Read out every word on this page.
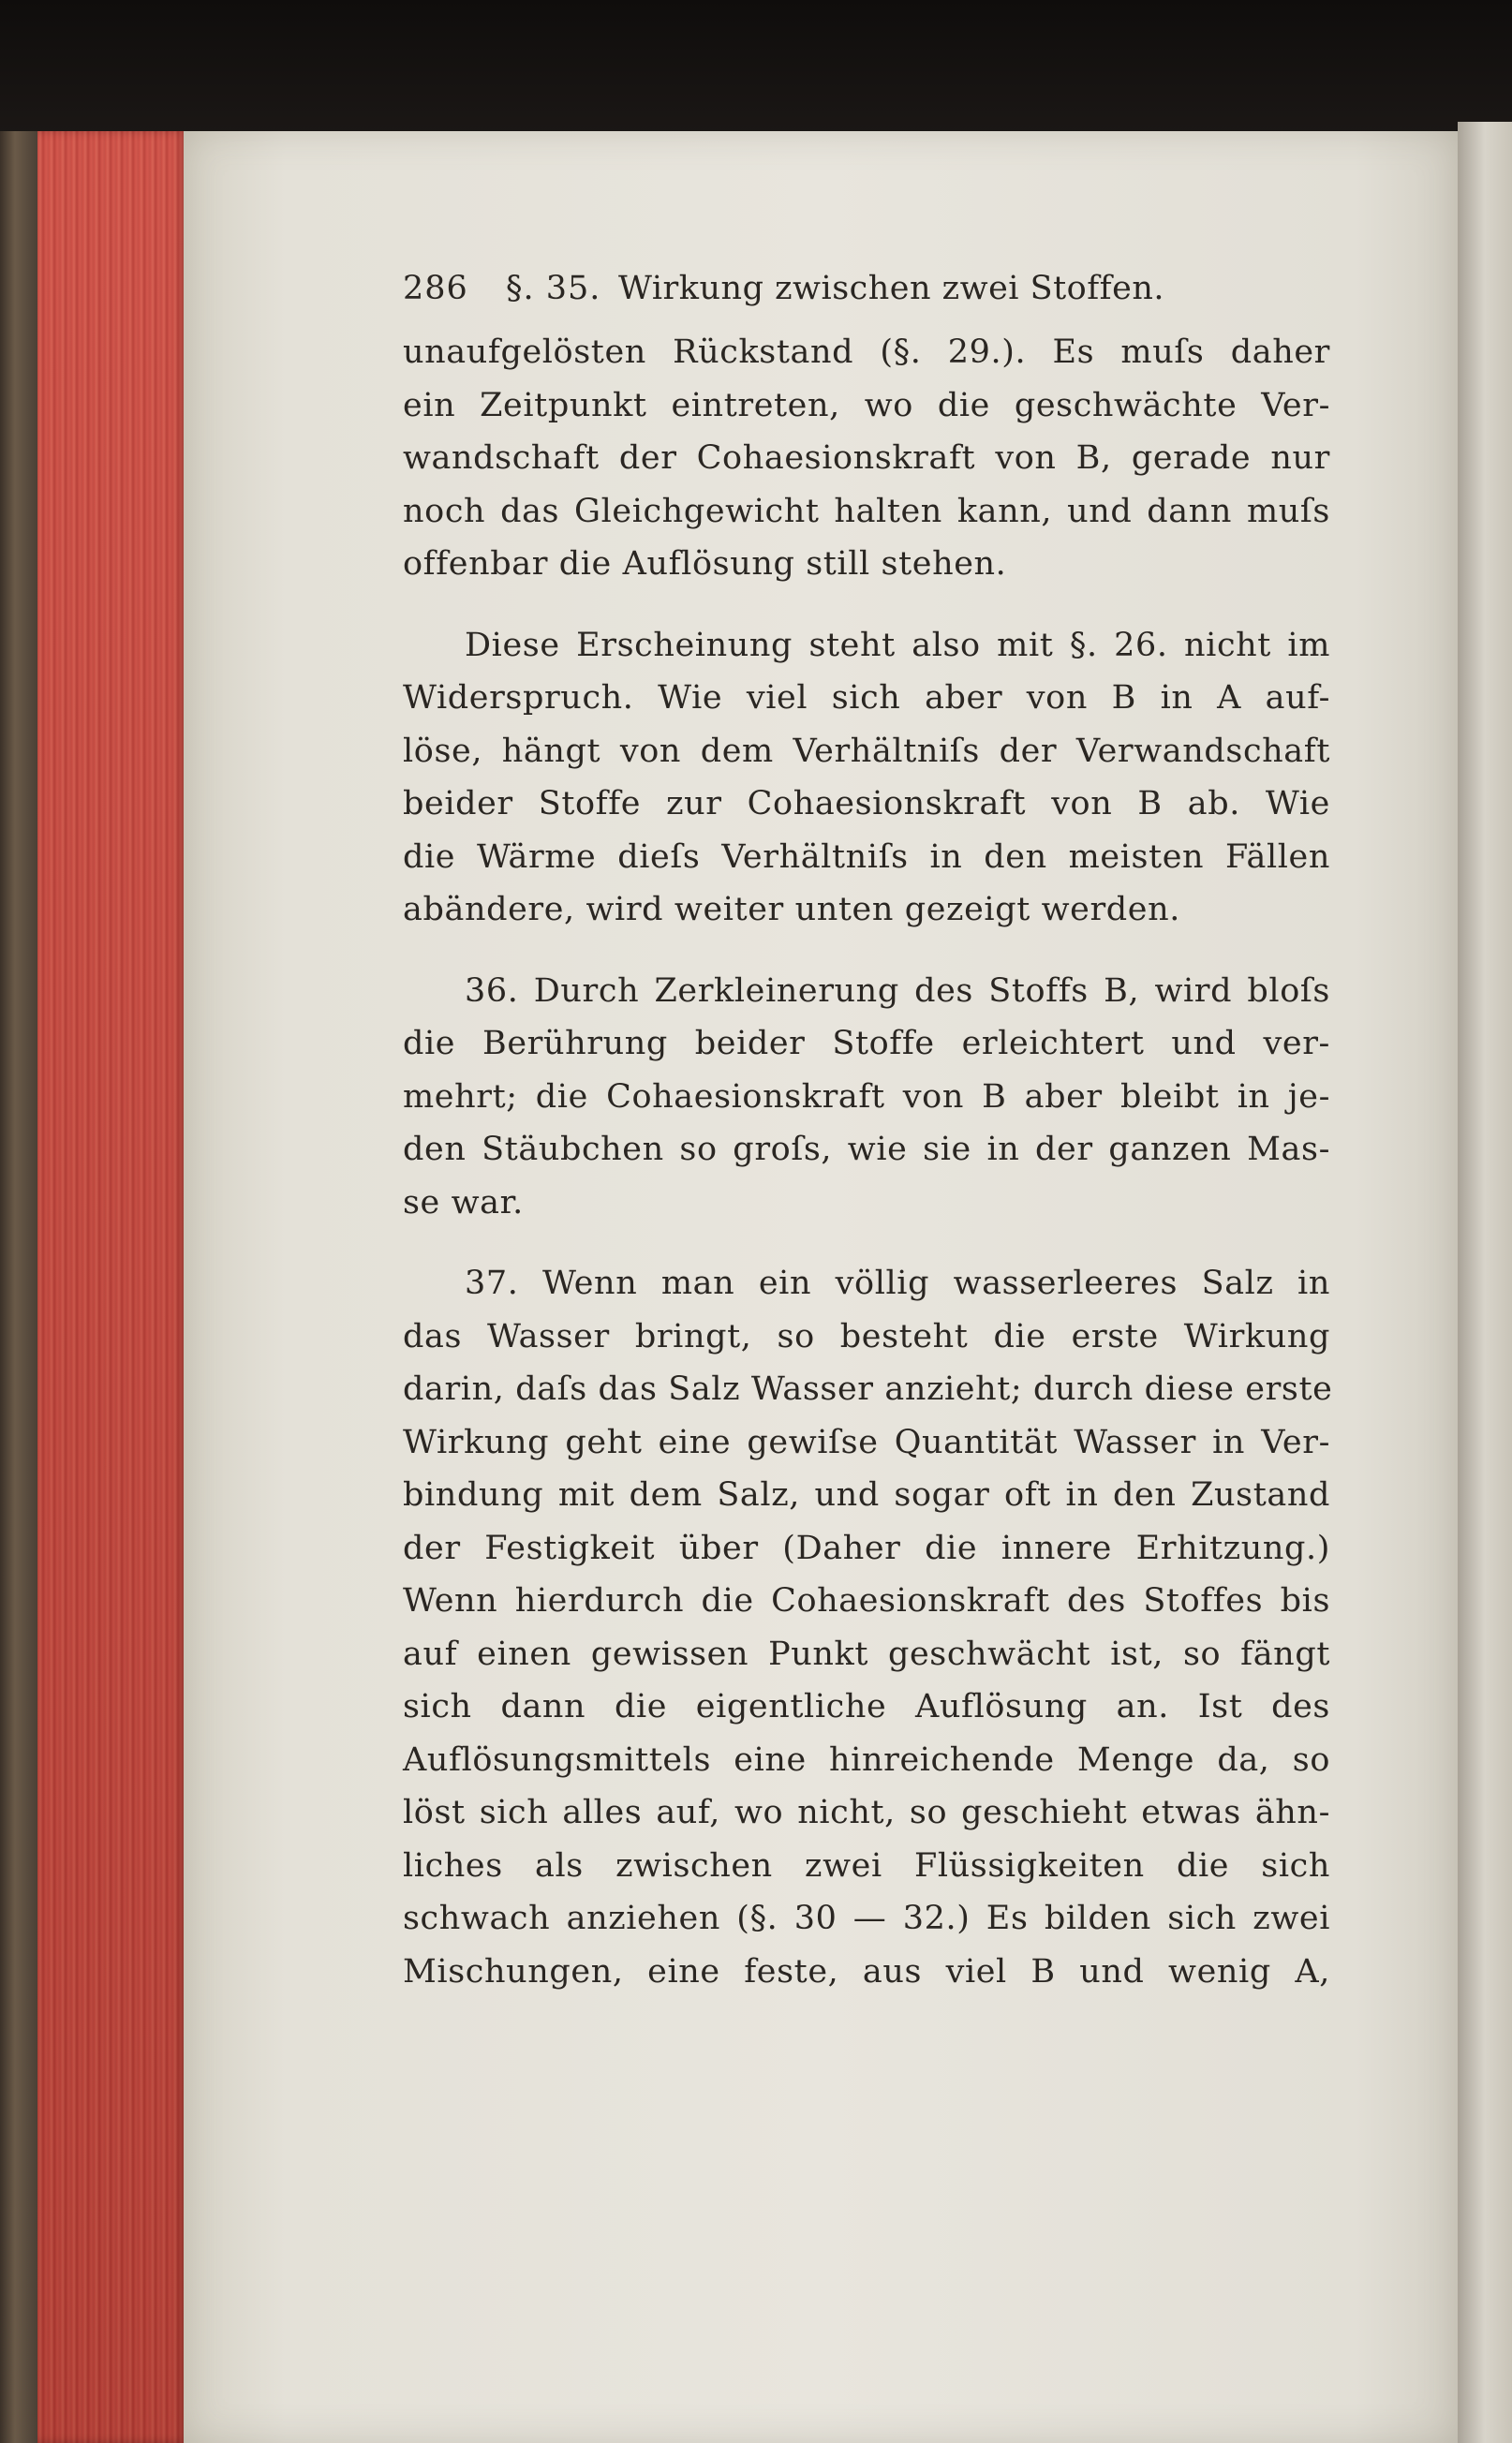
286	§. 35. Wirkung zwischen zwei Stoffen.
unaufgelösten Rückstand (§. 29.). Es muſs daher
ein Zeitpunkt eintreten, wo die geschwächte Ver-
wandschaft der Cohaesionskraft von B, gerade nur
noch das Gleichgewicht halten kann, und dann muſs
offenbar die Auflösung still stehen.
Diese Erscheinung steht also mit §. 26. nicht im
Widerspruch. Wie viel sich aber von B in A auf-
löse, hängt von dem Verhältniſs der Verwandschaft
beider Stoffe zur Cohaesionskraft von B ab. Wie
die Wärme dieſs Verhältniſs in den meisten Fällen
abändere, wird weiter unten gezeigt werden.
36. Durch Zerkleinerung des Stoffs B, wird bloſs
die Berührung beider Stoffe erleichtert und ver-
mehrt; die Cohaesionskraft von B aber bleibt in je-
den Stäubchen so groſs, wie sie in der ganzen Mas-
se war.
37. Wenn man ein völlig wasserleeres Salz in
das Wasser bringt, so besteht die erste Wirkung
darin, daſs das Salz Wasser anzieht; durch diese erste
Wirkung geht eine gewiſse Quantität Wasser in Ver-
bindung mit dem Salz, und sogar oft in den Zustand
der Festigkeit über (Daher die innere Erhitzung.)
Wenn hierdurch die Cohaesionskraft des Stoffes bis
auf einen gewissen Punkt geschwächt ist, so fängt
sich dann die eigentliche Auflösung an. Ist des
Auflösungsmittels eine hinreichende Menge da, so
löst sich alles auf, wo nicht, so geschieht etwas ähn-
liches als zwischen zwei Flüssigkeiten die sich
schwach anziehen (§. 30 — 32.) Es bilden sich zwei
Mischungen, eine feste, aus viel B und wenig A,
